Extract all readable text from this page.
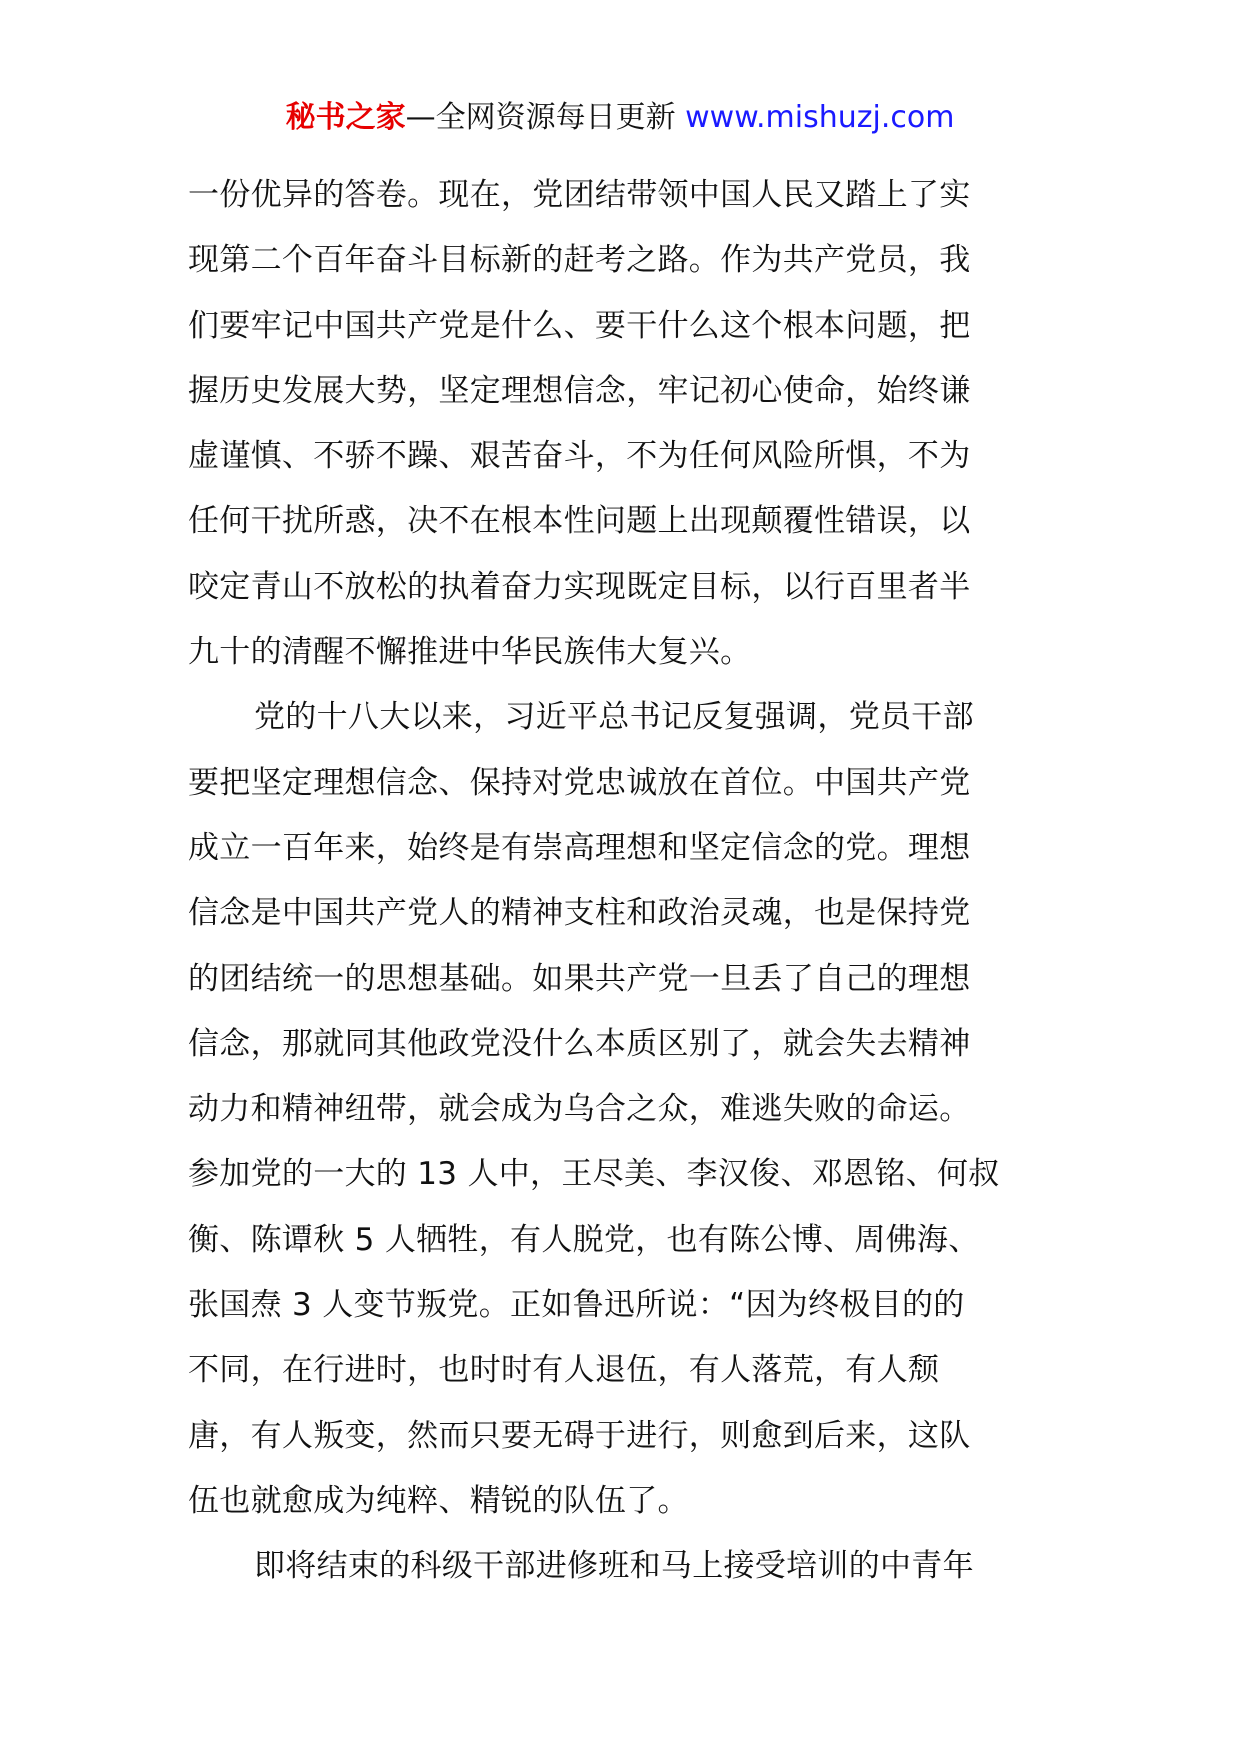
秘书之家—全网资源每日更新 www.mishuzj.com
一份优异的答卷。现在，党团结带领中国人民又踏上了实
现第二个百年奋斗目标新的赶考之路。作为共产党员，我
们要牢记中国共产党是什么、要干什么这个根本问题，把
握历史发展大势，坚定理想信念，牢记初心使命，始终谦
虚谨慎、不骄不躁、艰苦奋斗，不为任何风险所惧，不为
任何干扰所惑，决不在根本性问题上出现颠覆性错误，以
咬定青山不放松的执着奋力实现既定目标，以行百里者半
九十的清醒不懈推进中华民族伟大复兴。
党的十八大以来，习近平总书记反复强调，党员干部
要把坚定理想信念、保持对党忠诚放在首位。中国共产党
成立一百年来，始终是有崇高理想和坚定信念的党。理想
信念是中国共产党人的精神支柱和政治灵魂，也是保持党
的团结统一的思想基础。如果共产党一旦丢了自己的理想
信念，那就同其他政党没什么本质区别了，就会失去精神
动力和精神纽带，就会成为乌合之众，难逃失败的命运。
参加党的一大的 13 人中，王尽美、李汉俊、邓恩铭、何叔
衡、陈谭秋 5 人牺牲，有人脱党，也有陈公博、周佛海、
张国焘 3 人变节叛党。正如鲁迅所说：“因为终极目的的
不同，在行进时，也时时有人退伍，有人落荒，有人颓
唐，有人叛变，然而只要无碍于进行，则愈到后来，这队
伍也就愈成为纯粹、精锐的队伍了。
即将结束的科级干部进修班和马上接受培训的中青年
